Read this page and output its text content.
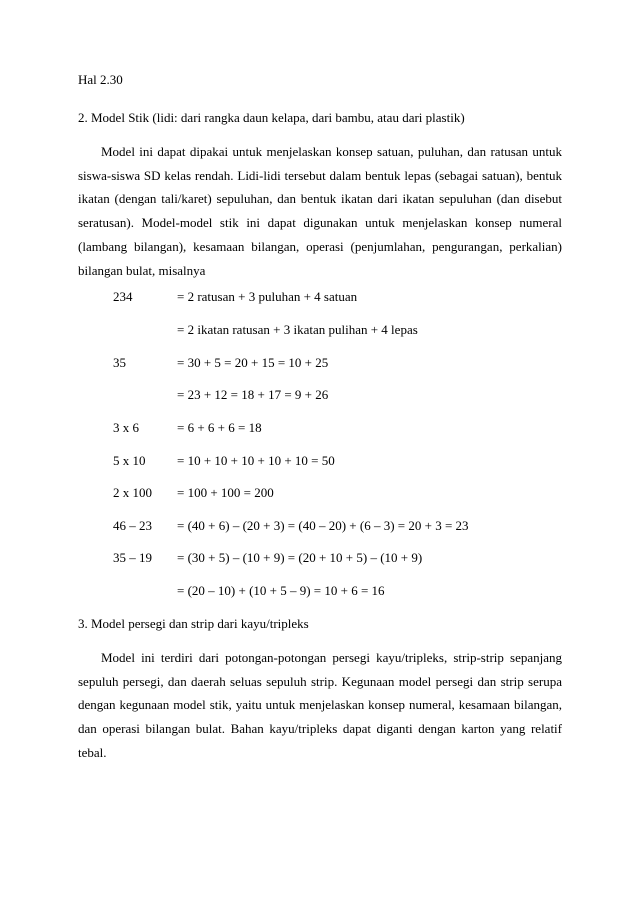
Hal 2.30
2. Model Stik (lidi: dari rangka daun kelapa, dari bambu, atau dari plastik)
Model ini dapat dipakai untuk menjelaskan konsep satuan, puluhan, dan ratusan untuk siswa-siswa SD kelas rendah. Lidi-lidi tersebut dalam bentuk lepas (sebagai satuan), bentuk ikatan (dengan tali/karet) sepuluhan, dan bentuk ikatan dari ikatan sepuluhan (dan disebut seratusan). Model-model stik ini dapat digunakan untuk menjelaskan konsep numeral (lambang bilangan), kesamaan bilangan, operasi (penjumlahan, pengurangan, perkalian) bilangan bulat, misalnya
234	= 2 ratusan + 3 puluhan + 4 satuan
= 2 ikatan ratusan + 3 ikatan pulihan + 4 lepas
35	= 30 + 5 = 20 + 15 = 10 + 25
= 23 + 12 = 18 + 17 = 9 + 26
3 x 6	= 6 + 6 + 6 = 18
5 x 10 = 10 + 10 + 10 + 10 + 10 = 50
2 x 100 = 100 + 100 = 200
46 – 23 = (40 + 6) – (20 + 3) = (40 – 20) + (6 – 3) = 20 + 3 = 23
35 – 19 = (30 + 5) – (10 + 9) = (20 + 10 + 5) – (10 + 9)
= (20 – 10) + (10 + 5 – 9) = 10 + 6 = 16
3. Model persegi dan strip dari kayu/tripleks
Model ini terdiri dari potongan-potongan persegi kayu/tripleks, strip-strip sepanjang sepuluh persegi, dan daerah seluas sepuluh strip. Kegunaan model persegi dan strip serupa dengan kegunaan model stik, yaitu untuk menjelaskan konsep numeral, kesamaan bilangan, dan operasi bilangan bulat. Bahan kayu/tripleks dapat diganti dengan karton yang relatif tebal.
